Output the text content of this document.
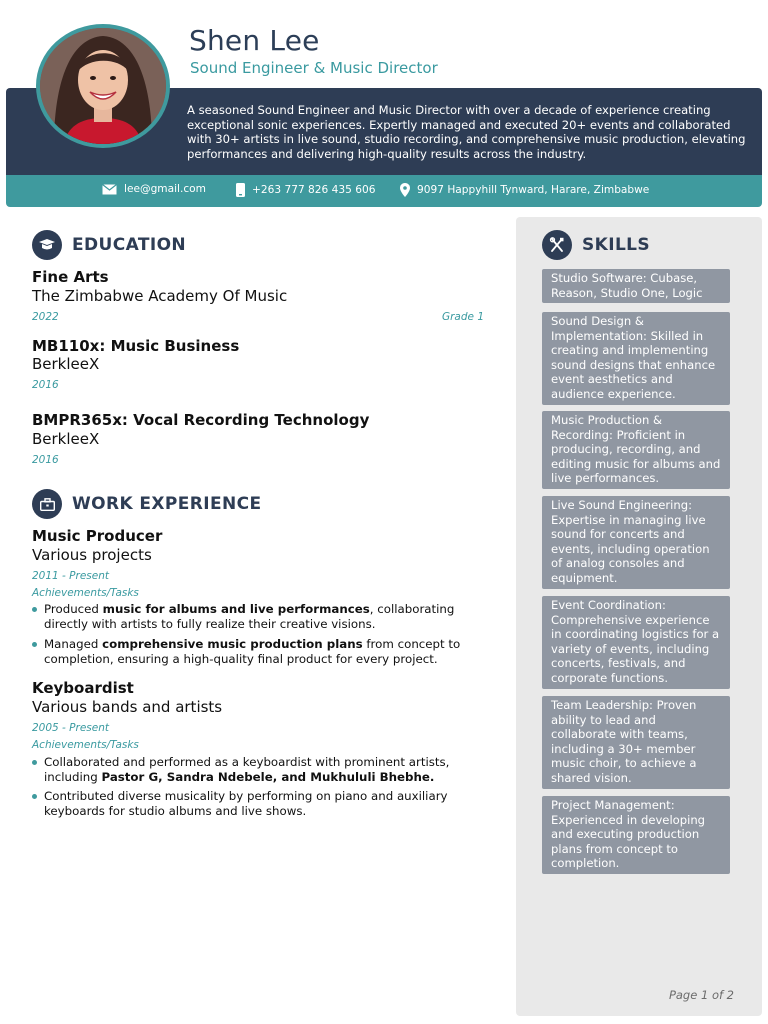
Shen Lee
Sound Engineer & Music Director
A seasoned Sound Engineer and Music Director with over a decade of experience creating exceptional sonic experiences. Expertly managed and executed 20+ events and collaborated with 30+ artists in live sound, studio recording, and comprehensive music production, elevating performances and delivering high-quality results across the industry.
lee@gmail.com	+263 777 826 435 606	9097 Happyhill Tynward, Harare, Zimbabwe
EDUCATION
Fine Arts
The Zimbabwe Academy Of Music
2022	Grade 1
MB110x: Music Business
BerkleeX
2016
BMPR365x: Vocal Recording Technology
BerkleeX
2016
WORK EXPERIENCE
Music Producer
Various projects
2011 - Present
Achievements/Tasks
Produced music for albums and live performances, collaborating directly with artists to fully realize their creative visions.
Managed comprehensive music production plans from concept to completion, ensuring a high-quality final product for every project.
Keyboardist
Various bands and artists
2005 - Present
Achievements/Tasks
Collaborated and performed as a keyboardist with prominent artists, including Pastor G, Sandra Ndebele, and Mukhululi Bhebhe.
Contributed diverse musicality by performing on piano and auxiliary keyboards for studio albums and live shows.
SKILLS
Studio Software: Cubase, Reason, Studio One, Logic
Sound Design & Implementation: Skilled in creating and implementing sound designs that enhance event aesthetics and audience experience.
Music Production & Recording: Proficient in producing, recording, and editing music for albums and live performances.
Live Sound Engineering: Expertise in managing live sound for concerts and events, including operation of analog consoles and equipment.
Event Coordination: Comprehensive experience in coordinating logistics for a variety of events, including concerts, festivals, and corporate functions.
Team Leadership: Proven ability to lead and collaborate with teams, including a 30+ member music choir, to achieve a shared vision.
Project Management: Experienced in developing and executing production plans from concept to completion.
Page 1 of 2
